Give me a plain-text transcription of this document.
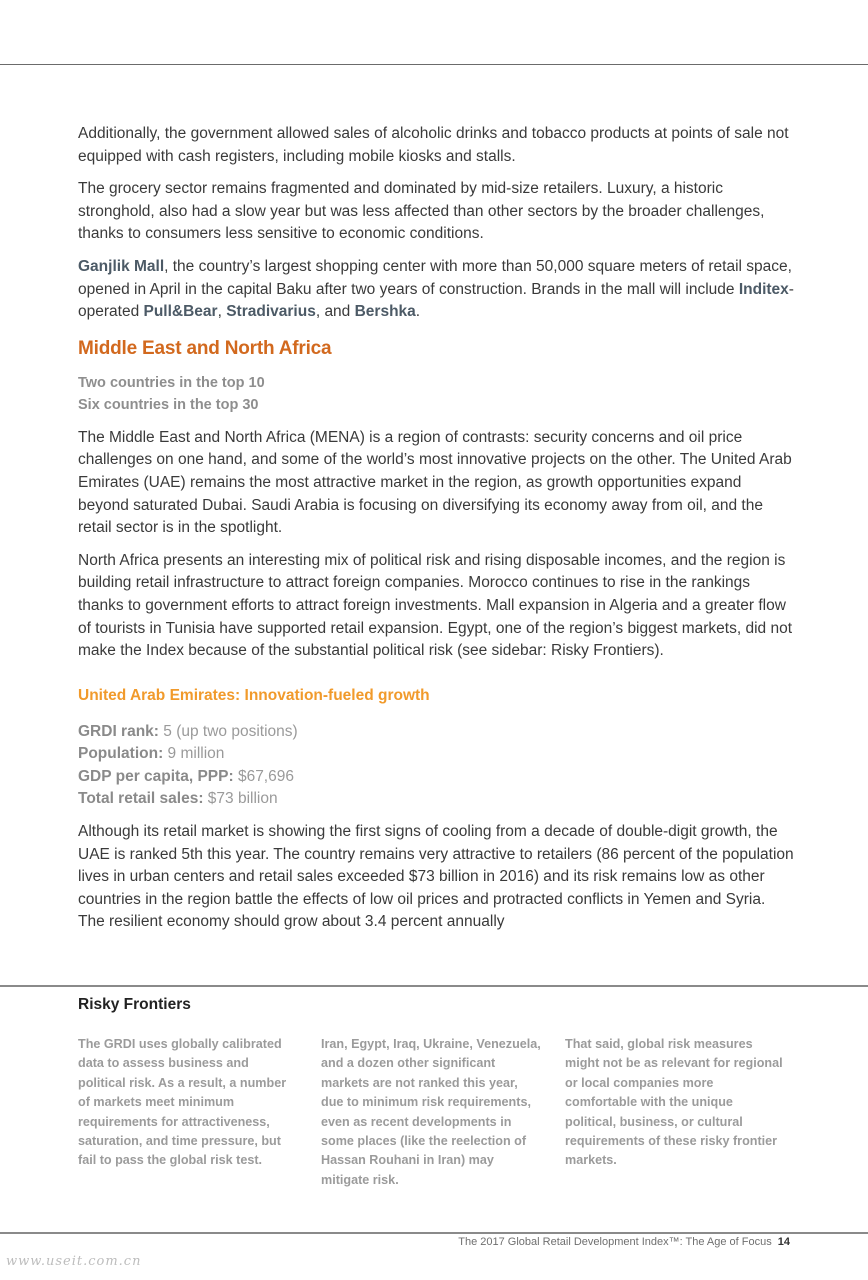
Additionally, the government allowed sales of alcoholic drinks and tobacco products at points of sale not equipped with cash registers, including mobile kiosks and stalls.

The grocery sector remains fragmented and dominated by mid-size retailers. Luxury, a historic stronghold, also had a slow year but was less affected than other sectors by the broader challenges, thanks to consumers less sensitive to economic conditions.

Ganjlik Mall, the country’s largest shopping center with more than 50,000 square meters of retail space, opened in April in the capital Baku after two years of construction. Brands in the mall will include Inditex-operated Pull&Bear, Stradivarius, and Bershka.

Middle East and North Africa
Two countries in the top 10
Six countries in the top 30

The Middle East and North Africa (MENA) is a region of contrasts: security concerns and oil price challenges on one hand, and some of the world’s most innovative projects on the other. The United Arab Emirates (UAE) remains the most attractive market in the region, as growth opportunities expand beyond saturated Dubai. Saudi Arabia is focusing on diversifying its economy away from oil, and the retail sector is in the spotlight.

North Africa presents an interesting mix of political risk and rising disposable incomes, and the region is building retail infrastructure to attract foreign companies. Morocco continues to rise in the rankings thanks to government efforts to attract foreign investments. Mall expansion in Algeria and a greater flow of tourists in Tunisia have supported retail expansion. Egypt, one of the region’s biggest markets, did not make the Index because of the substantial political risk (see sidebar: Risky Frontiers).

United Arab Emirates: Innovation-fueled growth
GRDI rank: 5 (up two positions)
Population: 9 million
GDP per capita, PPP: $67,696
Total retail sales: $73 billion

Although its retail market is showing the first signs of cooling from a decade of double-digit growth, the UAE is ranked 5th this year. The country remains very attractive to retailers (86 percent of the population lives in urban centers and retail sales exceeded $73 billion in 2016) and its risk remains low as other countries in the region battle the effects of low oil prices and protracted conflicts in Yemen and Syria. The resilient economy should grow about 3.4 percent annually

Risky Frontiers
The GRDI uses globally calibrated data to assess business and political risk. As a result, a number of markets meet minimum requirements for attractiveness, saturation, and time pressure, but fail to pass the global risk test.
Iran, Egypt, Iraq, Ukraine, Venezuela, and a dozen other significant markets are not ranked this year, due to minimum risk requirements, even as recent developments in some places (like the reelection of Hassan Rouhani in Iran) may mitigate risk.
That said, global risk measures might not be as relevant for regional or local companies more comfortable with the unique political, business, or cultural requirements of these risky frontier markets.
The 2017 Global Retail Development Index™: The Age of Focus 14
www.useit.com.cn
